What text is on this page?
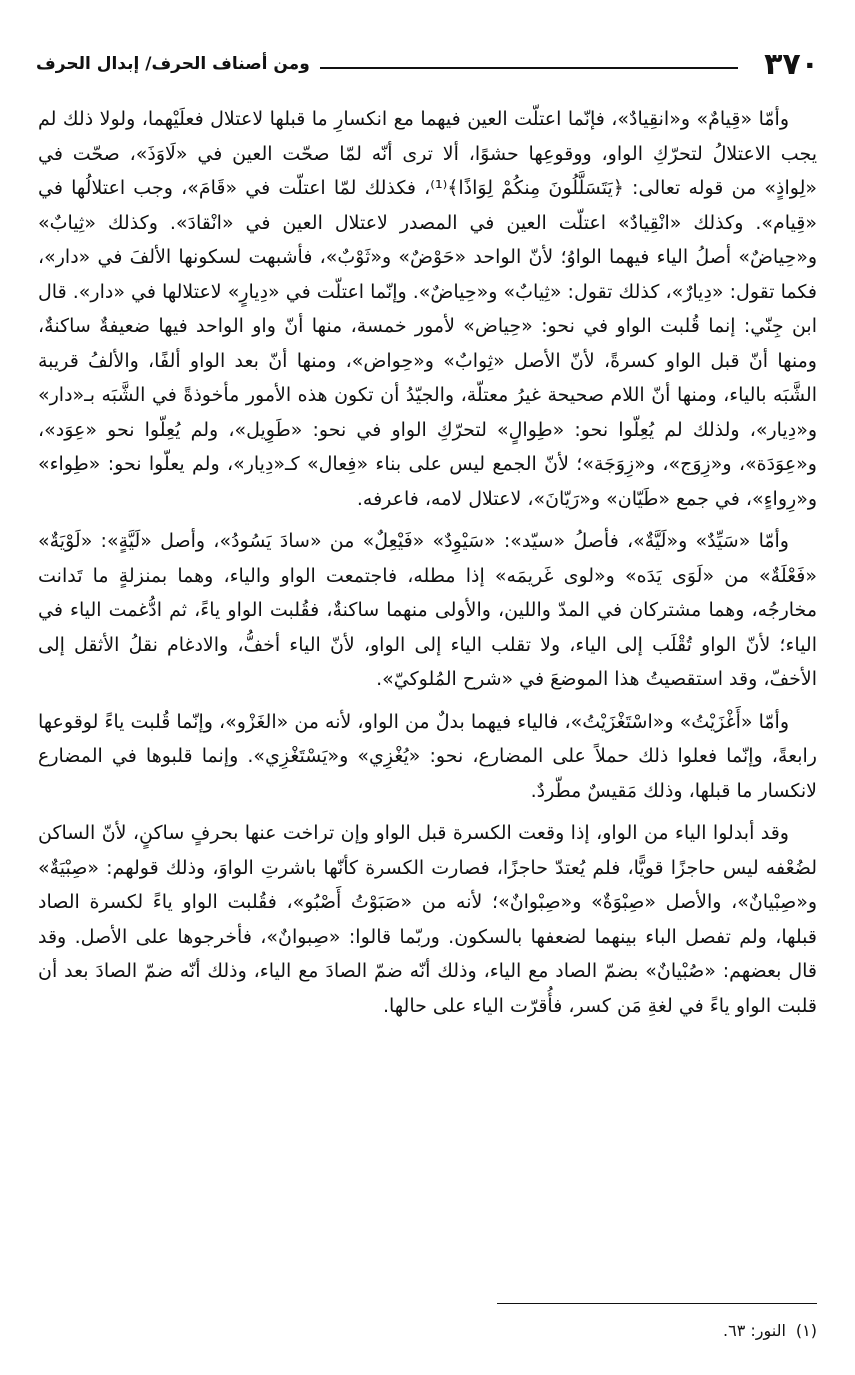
٣٧٠
ومن أصناف الحرف/ إبدال الحرف

وأمّا «قِيامٌ» و«انقِيادٌ»، فإنّما اعتلّت العين فيهما مع انكسارِ ما قبلها لاعتلال فعلَيْهما، ولولا ذلك لم يجب الاعتلالُ لتحرّكِ الواو، ووقوعِها حشوًا، ألا ترى أنّه لمّا صحّت العين في «لَاوَذَ»، صحّت في «لِواذٍ» من قوله تعالى: ﴿يَتَسَلَّلُونَ مِنكُمْ لِوَاذًا﴾⁽¹⁾، فكذلك لمّا اعتلّت في «قَامَ»، وجب اعتلالُها في «قِيام». وكذلك «انْقِيادٌ» اعتلّت العين في المصدر لاعتلال العين في «انْقادَ». وكذلك «ثِيابٌ» و«حِياضٌ» أصلُ الياء فيهما الواوُ؛ لأنّ الواحد «حَوْضٌ» و«ثَوْبٌ»، فأشبهت لسكونها الألفَ في «دار»، فكما تقول: «دِيارٌ»، كذلك تقول: «ثِيابٌ» و«حِياضٌ». وإنّما اعتلّت في «دِيارٍ» لاعتلالها في «دار». قال ابن جِنّي: إنما قُلبت الواو في نحو: «حِياض» لأمور خمسة، منها أنّ واو الواحد فيها ضعيفةٌ ساكنةٌ، ومنها أنّ قبل الواو كسرةً، لأنّ الأصل «ثِوابٌ» و«حِواض»، ومنها أنّ بعد الواو ألفًا، والألفُ قريبة الشَّبَه بالياء، ومنها أنّ اللام صحيحة غيرُ معتلّة، والجيّدُ أن تكون هذه الأمور مأخوذةً في الشَّبَه بـ«دار» و«دِيار»، ولذلك لم يُعِلّوا نحو: «طِوالٍ» لتحرّكِ الواو في نحو: «طَوِيل»، ولم يُعِلّوا نحو «عِوَد»، و«عِوَدَة»، و«زِوَج»، و«زِوَجَة»؛ لأنّ الجمع ليس على بناء «فِعال» كـ«دِيار»، ولم يعلّوا نحو: «طِواء» و«رِواءٍ»، في جمع «طَيّان» و«رَيّانَ»، لاعتلال لامه، فاعرفه.

وأمّا «سَيِّدٌ» و«لَيَّةٌ»، فأصلُ «سيّد»: «سَيْوِدٌ» «فَيْعِلٌ» من «سادَ يَسُودُ»، وأصل «لَيَّةٍ»: «لَوْيَةٌ» «فَعْلَةٌ» من «لَوَى يَدَه» و«لوى غَريمَه» إذا مطله، فاجتمعت الواو والياء، وهما بمنزلةٍ ما تَدانت مخارجُه، وهما مشتركان في المدّ واللين، والأولى منهما ساكنةٌ، فقُلبت الواو ياءً، ثم ادُّغمت الياء في الياء؛ لأنّ الواو تُقْلَب إلى الياء، ولا تقلب الياء إلى الواو، لأنّ الياء أخفُّ، والادغام نقلُ الأثقل إلى الأخفّ، وقد استقصيتُ هذا الموضعَ في «شرح المُلوكيّ».

وأمّا «أَغْزَيْتُ» و«اسْتَغْزَيْتُ»، فالياء فيهما بدلٌ من الواو، لأنه من «الغَزْو»، وإنّما قُلبت ياءً لوقوعها رابعةً، وإنّما فعلوا ذلك حملاً على المضارع، نحو: «يُغْزِي» و«يَسْتَغْزِي». وإنما قلبوها في المضارع لانكسار ما قبلها، وذلك مَقيسٌ مطّردٌ.

وقد أبدلوا الياء من الواو، إذا وقعت الكسرة قبل الواو وإن تراخت عنها بحرفٍ ساكنٍ، لأنّ الساكن لضُعْفه ليس حاجزًا قويًّا، فلم يُعتدّ حاجزًا، فصارت الكسرة كأنّها باشرتِ الواوَ، وذلك قولهم: «صِبْيَةٌ» و«صِبْيانٌ»، والأصل «صِبْوَةٌ» و«صِبْوانٌ»؛ لأنه من «صَبَوْتُ أَصْبُو»، فقُلبت الواو ياءً لكسرة الصاد قبلها، ولم تفصل الباء بينهما لضعفها بالسكون. وربّما قالوا: «صِبوانٌ»، فأخرجوها على الأصل. وقد قال بعضهم: «صُبْيانٌ» بضمّ الصاد مع الياء، وذلك أنّه ضمّ الصادَ مع الياء، وذلك أنّه ضمّ الصادَ بعد أن قلبت الواو ياءً في لغةِ مَن كسر، فأُقرّت الياء على حالها.

(١)النور: ٦٣.
